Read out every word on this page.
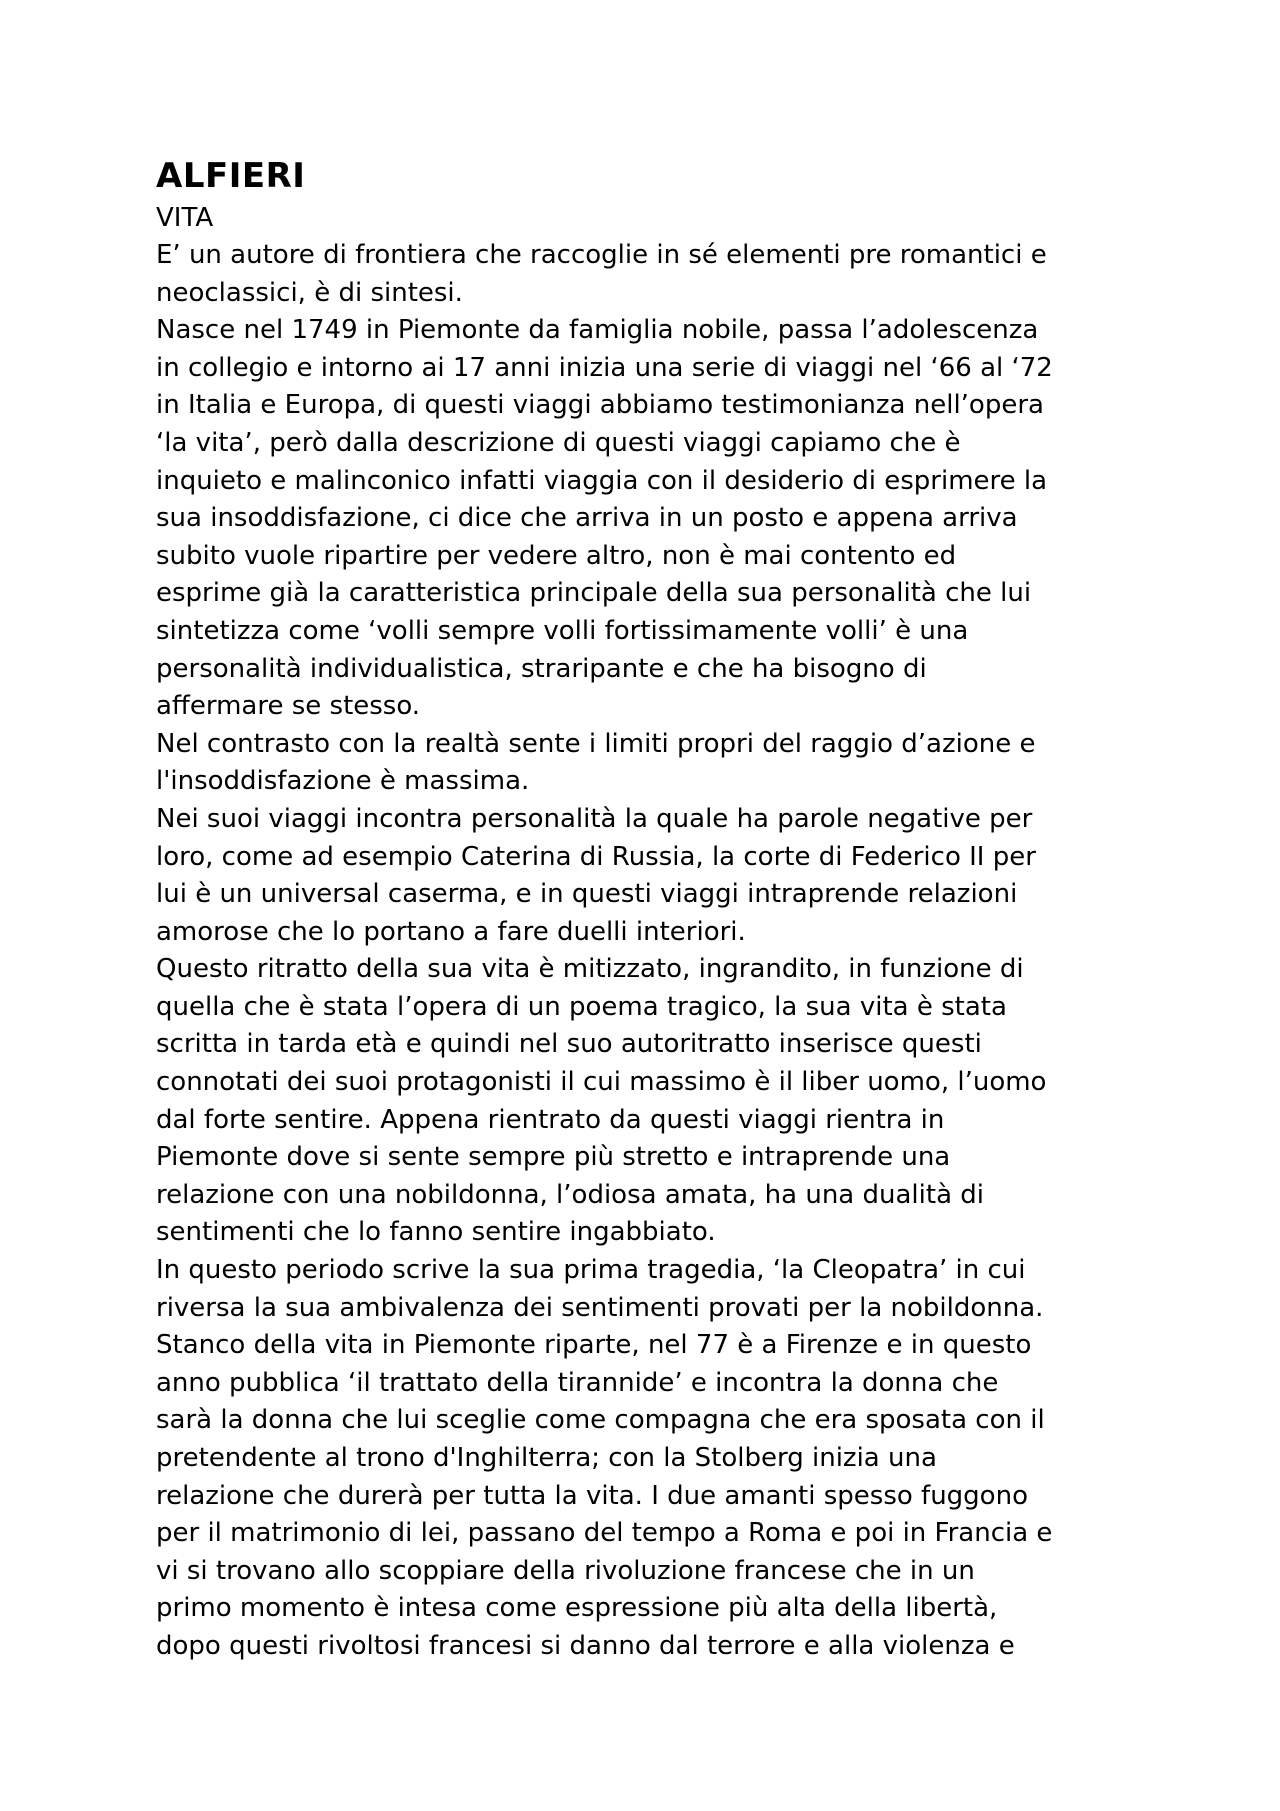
ALFIERI

VITA

E’ un autore di frontiera che raccoglie in sé elementi pre romantici e
neoclassici, è di sintesi.
Nasce nel 1749 in Piemonte da famiglia nobile, passa l’adolescenza
in collegio e intorno ai 17 anni inizia una serie di viaggi nel ‘66 al ‘72
in Italia e Europa, di questi viaggi abbiamo testimonianza nell’opera
‘la vita’, però dalla descrizione di questi viaggi capiamo che è
inquieto e malinconico infatti viaggia con il desiderio di esprimere la
sua insoddisfazione, ci dice che arriva in un posto e appena arriva
subito vuole ripartire per vedere altro, non è mai contento ed
esprime già la caratteristica principale della sua personalità che lui
sintetizza come ‘volli sempre volli fortissimamente volli’ è una
personalità individualistica, straripante e che ha bisogno di
affermare se stesso.
Nel contrasto con la realtà sente i limiti propri del raggio d’azione e
l'insoddisfazione è massima.
Nei suoi viaggi incontra personalità la quale ha parole negative per
loro, come ad esempio Caterina di Russia, la corte di Federico II per
lui è un universal caserma, e in questi viaggi intraprende relazioni
amorose che lo portano a fare duelli interiori.
Questo ritratto della sua vita è mitizzato, ingrandito, in funzione di
quella che è stata l’opera di un poema tragico, la sua vita è stata
scritta in tarda età e quindi nel suo autoritratto inserisce questi
connotati dei suoi protagonisti il cui massimo è il liber uomo, l’uomo
dal forte sentire. Appena rientrato da questi viaggi rientra in
Piemonte dove si sente sempre più stretto e intraprende una
relazione con una nobildonna, l’odiosa amata, ha una dualità di
sentimenti che lo fanno sentire ingabbiato.
In questo periodo scrive la sua prima tragedia, ‘la Cleopatra’ in cui
riversa la sua ambivalenza dei sentimenti provati per la nobildonna.
Stanco della vita in Piemonte riparte, nel 77 è a Firenze e in questo
anno pubblica ‘il trattato della tirannide’ e incontra la donna che
sarà la donna che lui sceglie come compagna che era sposata con il
pretendente al trono d'Inghilterra; con la Stolberg inizia una
relazione che durerà per tutta la vita. I due amanti spesso fuggono
per il matrimonio di lei, passano del tempo a Roma e poi in Francia e
vi si trovano allo scoppiare della rivoluzione francese che in un
primo momento è intesa come espressione più alta della libertà,
dopo questi rivoltosi francesi si danno dal terrore e alla violenza e
